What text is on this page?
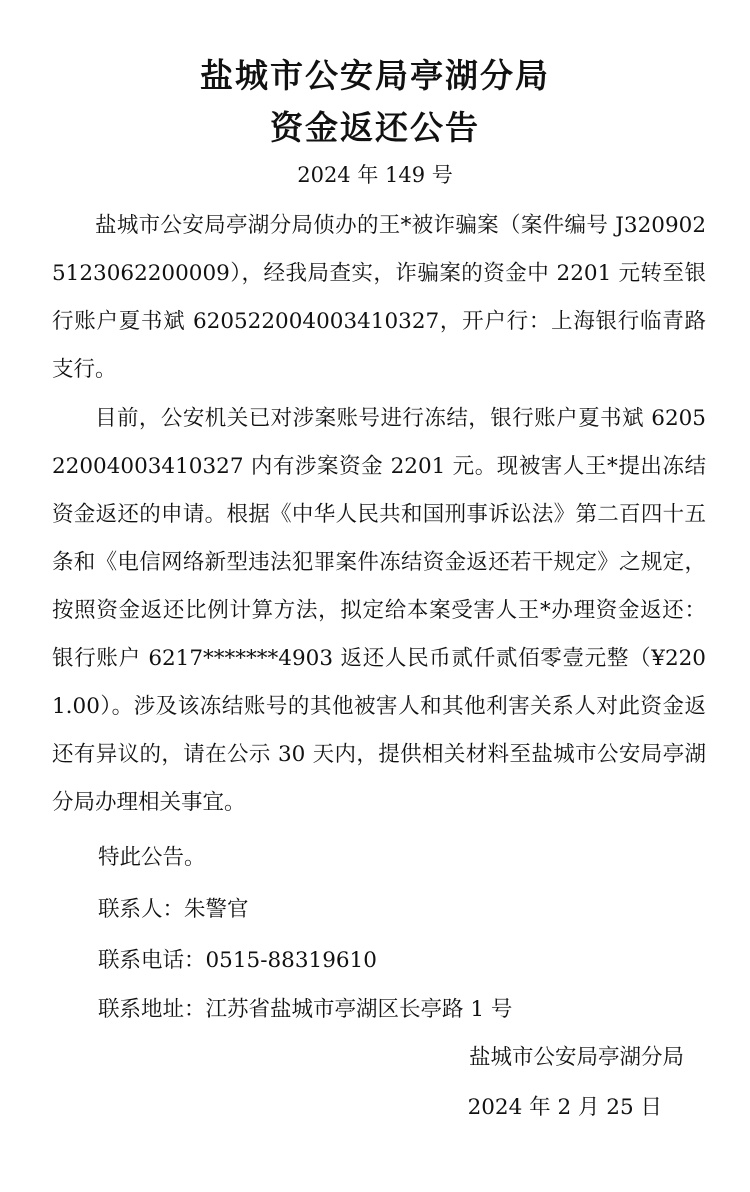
盐城市公安局亭湖分局
资金返还公告
2024 年 149 号

盐城市公安局亭湖分局侦办的王*被诈骗案（案件编号 J3209025123062200009），经我局查实，诈骗案的资金中 2201 元转至银行账户夏书斌 620522004003410327，开户行：上海银行临青路支行。

目前，公安机关已对涉案账号进行冻结，银行账户夏书斌 620522004003410327 内有涉案资金 2201 元。现被害人王*提出冻结资金返还的申请。根据《中华人民共和国刑事诉讼法》第二百四十五条和《电信网络新型违法犯罪案件冻结资金返还若干规定》之规定，按照资金返还比例计算方法，拟定给本案受害人王*办理资金返还：银行账户 6217*******4903 返还人民币贰仟贰佰零壹元整（¥2201.00）。涉及该冻结账号的其他被害人和其他利害关系人对此资金返还有异议的，请在公示 30 天内，提供相关材料至盐城市公安局亭湖分局办理相关事宜。

特此公告。
联系人：朱警官
联系电话：0515-88319610
联系地址：江苏省盐城市亭湖区长亭路 1 号
盐城市公安局亭湖分局
2024 年 2 月 25 日
